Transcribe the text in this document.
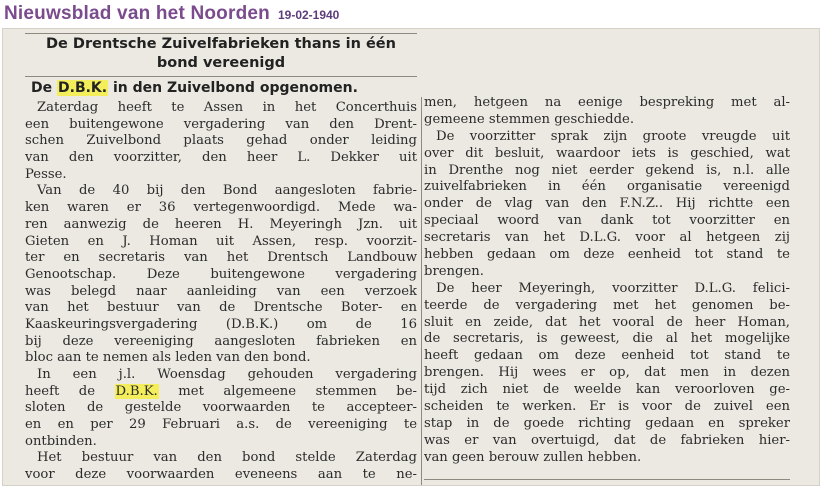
Nieuwsblad van het Noorden 19-02-1940
De Drentsche Zuivelfabrieken thans in één
bond vereenigd
De D.B.K. in den Zuivelbond opgenomen.
Zaterdag heeft te Assen in het Concerthuis
een buitengewone vergadering van den Drent-
schen Zuivelbond plaats gehad onder leiding
van den voorzitter, den heer L. Dekker uit
Pesse.
Van de 40 bij den Bond aangesloten fabrie-
ken waren er 36 vertegenwoordigd. Mede wa-
ren aanwezig de heeren H. Meyeringh Jzn. uit
Gieten en J. Homan uit Assen, resp. voorzit-
ter en secretaris van het Drentsch Landbouw
Genootschap. Deze buitengewone vergadering
was belegd naar aanleiding van een verzoek
van het bestuur van de Drentsche Boter- en
Kaaskeuringsvergadering (D.B.K.) om de 16
bij deze vereeniging aangesloten fabrieken en
bloc aan te nemen als leden van den bond.
In een j.l. Woensdag gehouden vergadering
heeft de D.B.K. met algemeene stemmen be-
sloten de gestelde voorwaarden te accepteer-
en en per 29 Februari a.s. de vereeniging te
ontbinden.
Het bestuur van den bond stelde Zaterdag
voor deze voorwaarden eveneens aan te ne-
men, hetgeen na eenige bespreking met al-
gemeene stemmen geschiedde.
De voorzitter sprak zijn groote vreugde uit
over dit besluit, waardoor iets is geschied, wat
in Drenthe nog niet eerder gekend is, n.l. alle
zuivelfabrieken in één organisatie vereenigd
onder de vlag van den F.N.Z.. Hij richtte een
speciaal woord van dank tot voorzitter en
secretaris van het D.L.G. voor al hetgeen zij
hebben gedaan om deze eenheid tot stand te
brengen.
De heer Meyeringh, voorzitter D.L.G. felici-
teerde de vergadering met het genomen be-
sluit en zeide, dat het vooral de heer Homan,
de secretaris, is geweest, die al het mogelijke
heeft gedaan om deze eenheid tot stand te
brengen. Hij wees er op, dat men in dezen
tijd zich niet de weelde kan veroorloven ge-
scheiden te werken. Er is voor de zuivel een
stap in de goede richting gedaan en spreker
was er van overtuigd, dat de fabrieken hier-
van geen berouw zullen hebben.
